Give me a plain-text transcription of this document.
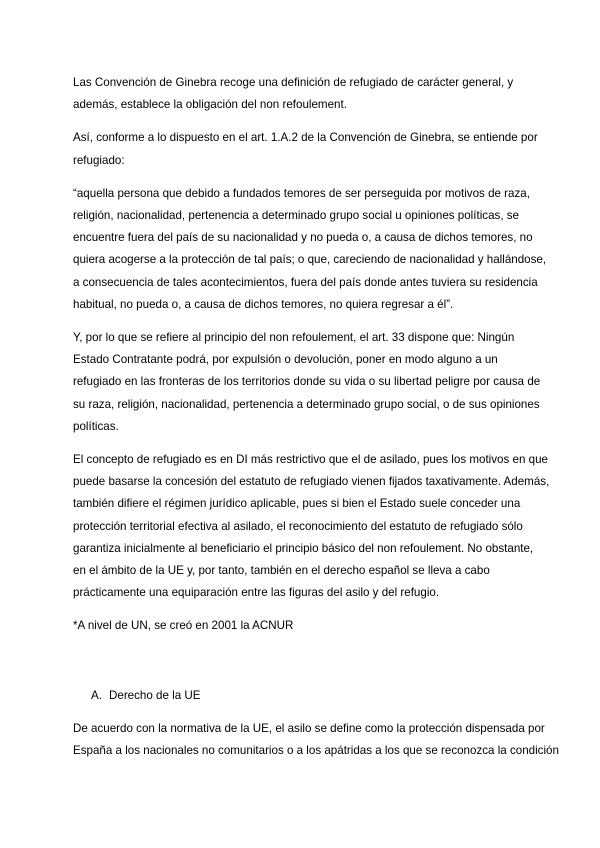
Las Convención de Ginebra recoge una definición de refugiado de carácter general, y
además, establece la obligación del non refoulement.

Así, conforme a lo dispuesto en el art. 1.A.2 de la Convención de Ginebra, se entiende por
refugiado:

“aquella persona que debido a fundados temores de ser perseguida por motivos de raza,
religión, nacionalidad, pertenencia a determinado grupo social u opiniones políticas, se
encuentre fuera del país de su nacionalidad y no pueda o, a causa de dichos temores, no
quiera acogerse a la protección de tal país; o que, careciendo de nacionalidad y hallándose,
a consecuencia de tales acontecimientos, fuera del país donde antes tuviera su residencia
habitual, no pueda o, a causa de dichos temores, no quiera regresar a él”.

Y, por lo que se refiere al principio del non refoulement, el art. 33 dispone que: Ningún
Estado Contratante podrá, por expulsión o devolución, poner en modo alguno a un
refugiado en las fronteras de los territorios donde su vida o su libertad peligre por causa de
su raza, religión, nacionalidad, pertenencia a determinado grupo social, o de sus opiniones
políticas.

El concepto de refugiado es en DI más restrictivo que el de asilado, pues los motivos en que
puede basarse la concesión del estatuto de refugiado vienen fijados taxativamente. Además,
también difiere el régimen jurídico aplicable, pues si bien el Estado suele conceder una
protección territorial efectiva al asilado, el reconocimiento del estatuto de refugiado sólo
garantiza inicialmente al beneficiario el principio básico del non refoulement. No obstante,
en el ámbito de la UE y, por tanto, también en el derecho español se lleva a cabo
prácticamente una equiparación entre las figuras del asilo y del refugio.

*A nivel de UN, se creó en 2001 la ACNUR

A. Derecho de la UE

De acuerdo con la normativa de la UE, el asilo se define como la protección dispensada por
España a los nacionales no comunitarios o a los apátridas a los que se reconozca la condición
